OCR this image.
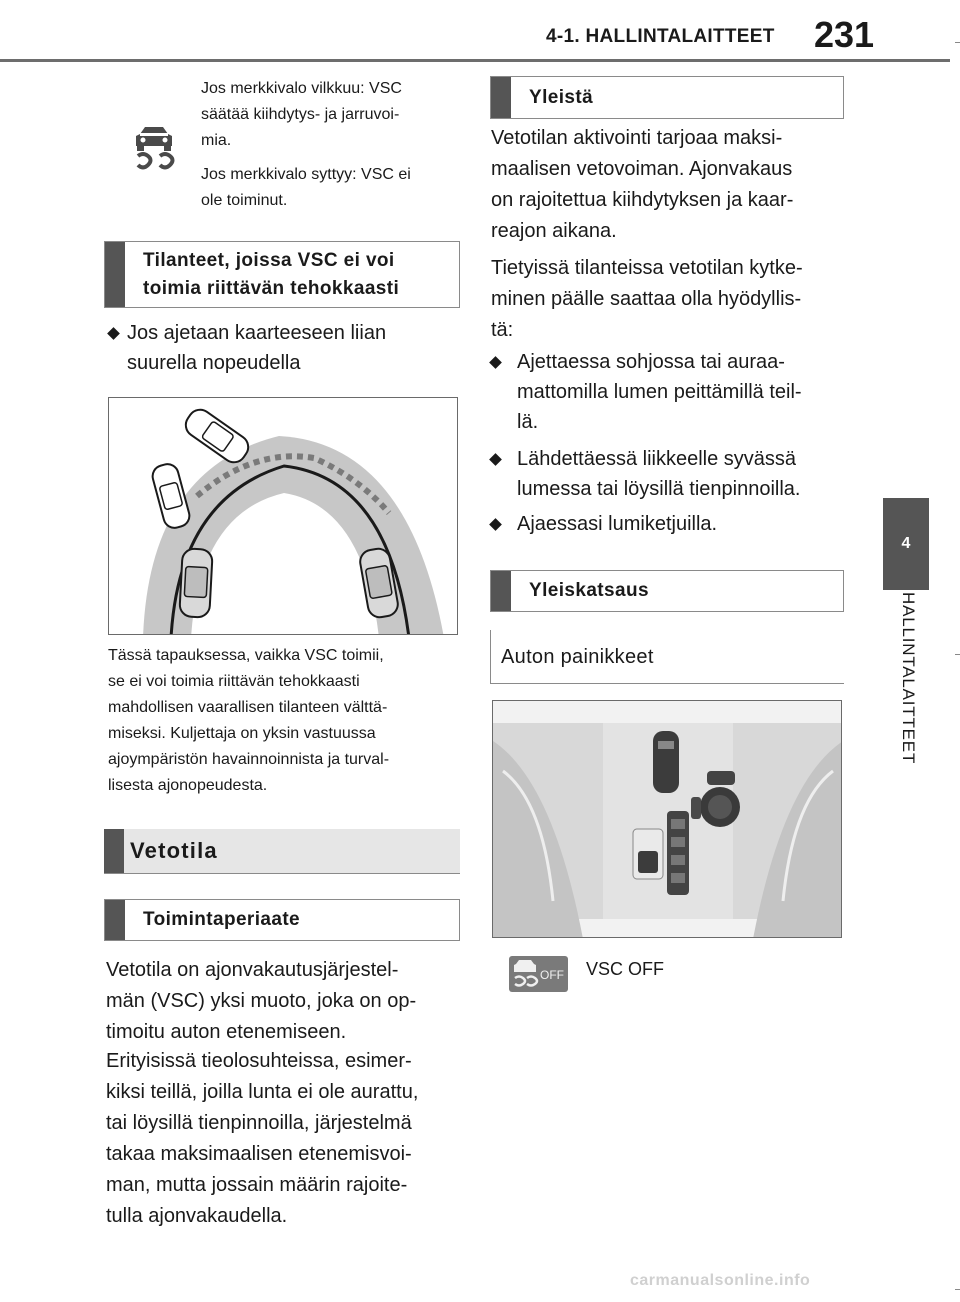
4-1. HALLINTALAITTEET 231
4
HALLINTALAITTEET
Jos merkkivalo vilkkuu: VSC
säätää kiihdytys- ja jarruvoi-
mia.
Jos merkkivalo syttyy: VSC ei
ole toiminut.
Tilanteet, joissa VSC ei voi
toimia riittävän tehokkaasti
Jos ajetaan kaarteeseen liian
suurella nopeudella
Tässä tapauksessa, vaikka VSC toimii,
se ei voi toimia riittävän tehokkaasti
mahdollisen vaarallisen tilanteen välttä-
miseksi. Kuljettaja on yksin vastuussa
ajoympäristön havainnoinnista ja turval-
lisesta ajonopeudesta.
Vetotila
Toimintaperiaate

Vetotila on ajonvakautusjärjestel-

män (VSC) yksi muoto, joka on op-

timoitu auton etenemiseen.

Erityisissä tieolosuhteissa, esimer-

kiksi teillä, joilla lunta ei ole aurattu,

tai löysillä tienpinnoilla, järjestelmä

takaa maksimaalisen etenemisvoi-

man, mutta jossain määrin rajoite-

tulla ajonvakaudella.

Yleistä

Vetotilan aktivointi tarjoaa maksi-

maalisen vetovoiman. Ajonvakaus

on rajoitettua kiihdytyksen ja kaar-

reajon aikana.

Tietyissä tilanteissa vetotilan kytke-

minen päälle saattaa olla hyödyllis-

tä:

Ajettaessa sohjossa tai auraa-
mattomilla lumen peittämillä teil-
lä.
Lähdettäessä liikkeelle syvässä
lumessa tai löysillä tienpinnoilla.
Ajaessasi lumiketjuilla.
Yleiskatsaus
Auton painikkeet
OFF VSC OFF
carmanualsonline.info
